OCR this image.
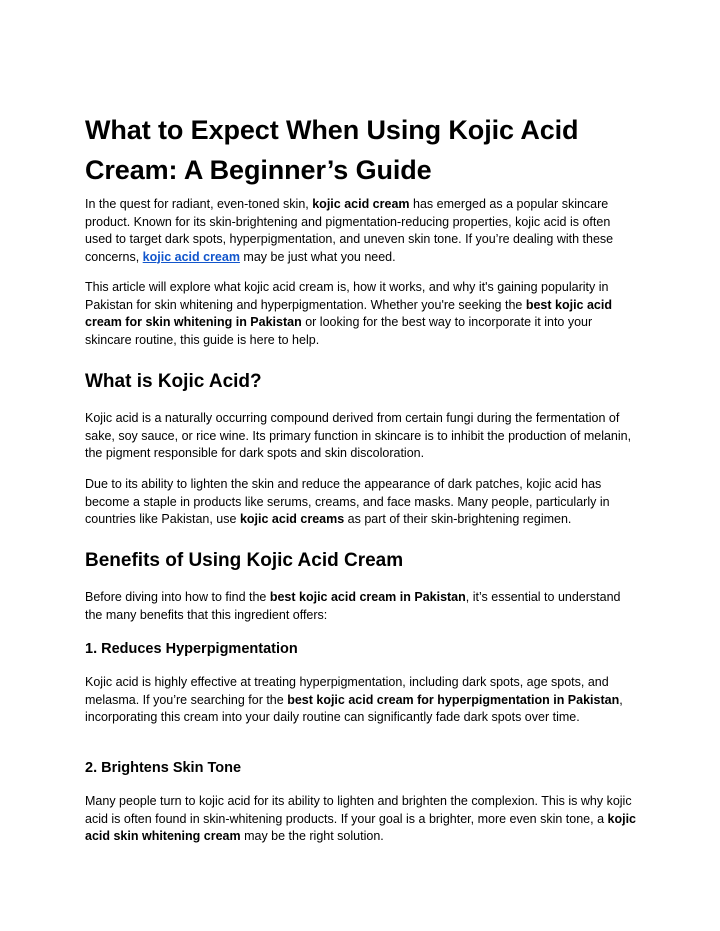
What to Expect When Using Kojic Acid Cream: A Beginner’s Guide

In the quest for radiant, even-toned skin, kojic acid cream has emerged as a popular skincare product. Known for its skin-brightening and pigmentation-reducing properties, kojic acid is often used to target dark spots, hyperpigmentation, and uneven skin tone. If you’re dealing with these concerns, kojic acid cream may be just what you need.

This article will explore what kojic acid cream is, how it works, and why it's gaining popularity in Pakistan for skin whitening and hyperpigmentation. Whether you're seeking the best kojic acid cream for skin whitening in Pakistan or looking for the best way to incorporate it into your skincare routine, this guide is here to help.

What is Kojic Acid?

Kojic acid is a naturally occurring compound derived from certain fungi during the fermentation of sake, soy sauce, or rice wine. Its primary function in skincare is to inhibit the production of melanin, the pigment responsible for dark spots and skin discoloration.

Due to its ability to lighten the skin and reduce the appearance of dark patches, kojic acid has become a staple in products like serums, creams, and face masks. Many people, particularly in countries like Pakistan, use kojic acid creams as part of their skin-brightening regimen.

Benefits of Using Kojic Acid Cream

Before diving into how to find the best kojic acid cream in Pakistan, it’s essential to understand the many benefits that this ingredient offers:

1. Reduces Hyperpigmentation

Kojic acid is highly effective at treating hyperpigmentation, including dark spots, age spots, and melasma. If you’re searching for the best kojic acid cream for hyperpigmentation in Pakistan, incorporating this cream into your daily routine can significantly fade dark spots over time.

2. Brightens Skin Tone

Many people turn to kojic acid for its ability to lighten and brighten the complexion. This is why kojic acid is often found in skin-whitening products. If your goal is a brighter, more even skin tone, a kojic acid skin whitening cream may be the right solution.
